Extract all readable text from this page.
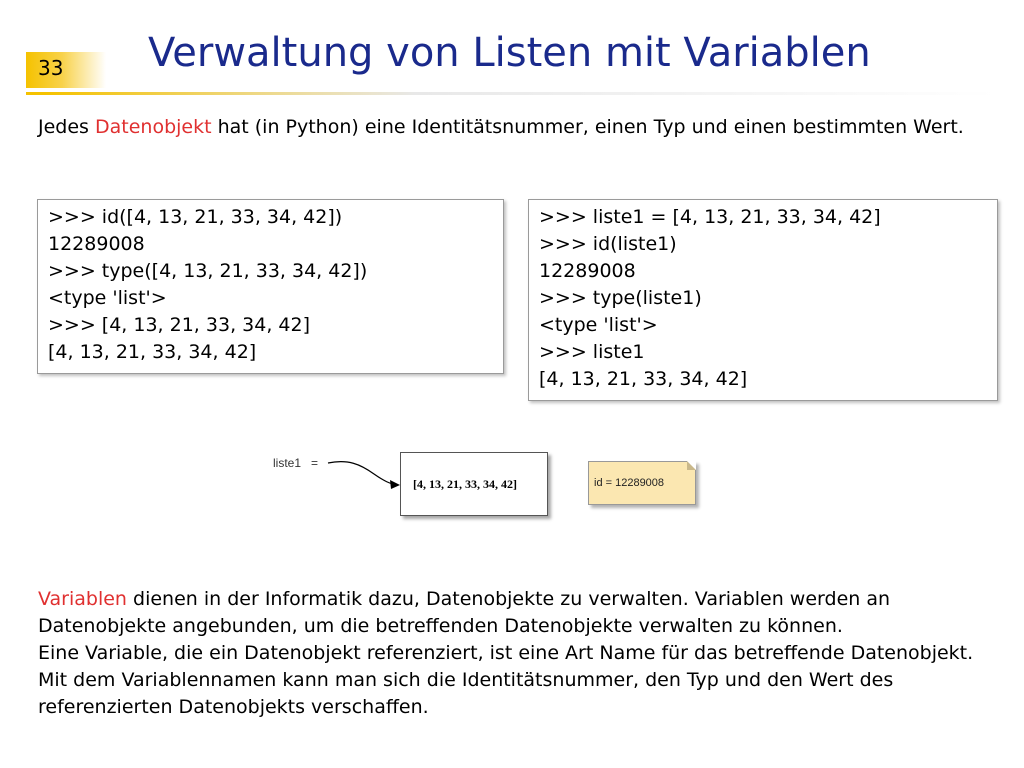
33 Verwaltung von Listen mit Variablen
Jedes Datenobjekt hat (in Python) eine Identitätsnummer, einen Typ und einen bestimmten Wert.
>>> id([4, 13, 21, 33, 34, 42])
12289008
>>> type([4, 13, 21, 33, 34, 42])
<type 'list'>
>>> [4, 13, 21, 33, 34, 42]
[4, 13, 21, 33, 34, 42]
>>> liste1 = [4, 13, 21, 33, 34, 42]
>>> id(liste1)
12289008
>>> type(liste1)
<type 'list'>
>>> liste1
[4, 13, 21, 33, 34, 42]
liste1   =
[4, 13, 21, 33, 34, 42]	id = 12289008
Variablen dienen in der Informatik dazu, Datenobjekte zu verwalten. Variablen werden an Datenobjekte angebunden, um die betreffenden Datenobjekte verwalten zu können.
Eine Variable, die ein Datenobjekt referenziert, ist eine Art Name für das betreffende Datenobjekt. Mit dem Variablennamen kann man sich die Identitätsnummer, den Typ und den Wert des referenzierten Datenobjekts verschaffen.
